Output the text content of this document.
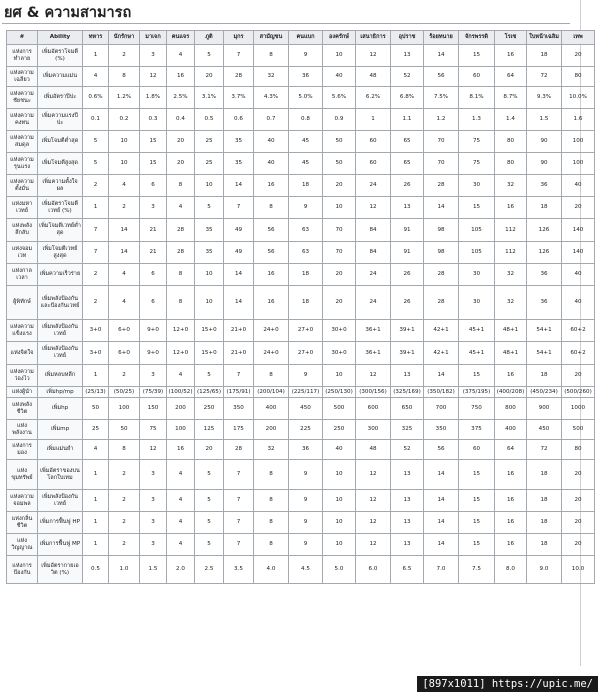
ยศ & ความสามารถ
#	Ability	ทหาร	นักรักษา	มาเจก	คนแจร	ภูติ	มุกร	สามัญชน	คนแบก	องครักษ์	เสนาธิการ	อุปราช	ร้อยทนาย	จักรพรรดิ	โรเซ	ใบหน้าเฉลิม	เทพ
แห่งการทำลาย	เพิ่มอัตราโจมตี (%)	1	2	3	4	5	7	8	9	10	12	13	14	15	16	18	20
แห่งความเฉลียว	เพิ่มความแม่น	4	8	12	16	20	28	32	36	40	48	52	56	60	64	72	80
แห่งความชัยชนะ	เพิ่มอัตราปีปะ	0.6%	1.2%	1.8%	2.5%	3.1%	3.7%	4.3%	5.0%	5.6%	6.2%	6.8%	7.5%	8.1%	8.7%	9.3%	10.0%
แห่งความคงทน	เพิ่มความแรงปีปะ	0.1	0.2	0.3	0.4	0.5	0.6	0.7	0.8	0.9	1	1.1	1.2	1.3	1.4	1.5	1.6
แห่งความสมดุล	เพิ่มโจมตีต่ำสุด	5	10	15	20	25	35	40	45	50	60	65	70	75	80	90	100
แห่งความรุนแรง	เพิ่มโจมตีสูงสุด	5	10	15	20	25	35	40	45	50	60	65	70	75	80	90	100
แห่งความตั้งมั่น	เพิ่มความตั้งใจผล	2	4	6	8	10	14	16	18	20	24	26	28	30	32	36	40
แห่งมหาเวทย์	เพิ่มอัตราโจมตีเวทย์ (%)	1	2	3	4	5	7	8	9	10	12	13	14	15	16	18	20
แห่งพลังลึกลับ	เพิ่มโจมตีเวทย์ต่ำสุด	7	14	21	28	35	49	56	63	70	84	91	98	105	112	126	140
แห่งจอมเวท	เพิ่มโจมตีเวทย์สูงสุด	7	14	21	28	35	49	56	63	70	84	91	98	105	112	126	140
แห่งกาลเวลา	เพิ่มความเร็วร่าย	2	4	6	8	10	14	16	18	20	24	26	28	30	32	36	40
ผู้พิทักษ์	เพิ่มพลังป้องกันและป้องกันเวทย์	2	4	6	8	10	14	16	18	20	24	26	28	30	32	36	40
แห่งความแข็งแรง	เพิ่มพลังป้องกันเวทย์	3+0	6+0	9+0	12+0	15+0	21+0	24+0	27+0	30+0	36+1	39+1	42+1	45+1	48+1	54+1	60+2
แห่งจิตใจ	เพิ่มพลังป้องกันเวทย์	3+0	6+0	9+0	12+0	15+0	21+0	24+0	27+0	30+0	36+1	39+1	42+1	45+1	48+1	54+1	60+2
แห่งความว่องไว	เพิ่มหลบหลีก	1	2	3	4	5	7	8	9	10	12	13	14	15	16	18	20
แห่งผู้นำ	เพิ่มhp/mp	(25/13)	(50/25)	(75/39)	(100/52)	(125/65)	(175/91)	(200/104)	(225/117)	(250/130)	(300/156)	(325/169)	(350/182)	(375/195)	(400/208)	(450/234)	(500/260)
แห่งพลังชีวิต	เพิ่มhp	50	100	150	200	250	350	400	450	500	600	650	700	750	800	900	1000
แห่งพลังงาน	เพิ่มmp	25	50	75	100	125	175	200	225	250	300	325	350	375	400	450	500
แห่งการมอง	เพิ่มแม่นยำ	4	8	12	16	20	28	32	36	40	48	52	56	60	64	72	80
แห่งขุมทรัพย์	เพิ่มอัตราของบนโลกใบเทม	1	2	3	4	5	7	8	9	10	12	13	14	15	16	18	20
แห่งความจอมพล	เพิ่มพลังป้องกันเวทย์	1	2	3	4	5	7	8	9	10	12	13	14	15	16	18	20
แห่งกลิ่นชีวิต	เพิ่มการฟื้นฟู HP	1	2	3	4	5	7	8	9	10	12	13	14	15	16	18	20
แห่งวิญญาณ	เพิ่มการฟื้นฟู MP	1	2	3	4	5	7	8	9	10	12	13	14	15	16	18	20
แห่งการป้องกัน	เพิ่มอัตรากายเอวิต (%)	0.5	1.0	1.5	2.0	2.5	3.5	4.0	4.5	5.0	6.0	6.5	7.0	7.5	8.0	9.0	10.0
[897x1011] https://upic.me/
